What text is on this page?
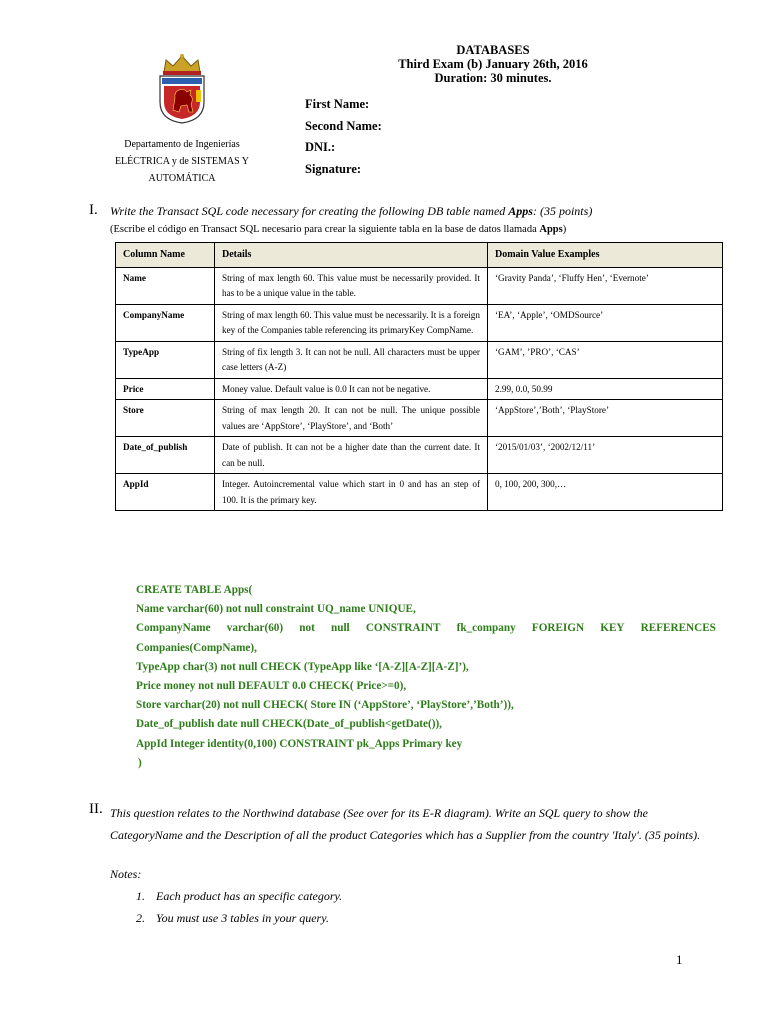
Departamento de Ingenierías
ELÉCTRICA y de SISTEMAS Y
AUTOMÁTICA
DATABASES
Third Exam (b) January 26th, 2016
Duration: 30 minutes.
First Name:
Second Name:
DNI.:
Signature:
I. Write the Transact SQL code necessary for creating the following DB table named Apps: (35 points)
(Escribe el código en Transact SQL necesario para crear la siguiente tabla en la base de datos llamada Apps)
Column Name	Details	Domain Value Examples
Name	String of max length 60. This value must be necessarily provided. It has to be a unique value in the table.	‘Gravity Panda’, ‘Fluffy Hen’, ‘Evernote’
CompanyName	String of max length 60. This value must be necessarily. It is a foreign key of the Companies table referencing its primaryKey CompName.	‘EA’, ‘Apple’, ‘OMDSource’
TypeApp	String of fix length 3. It can not be null. All characters must be upper case letters (A-Z)	‘GAM’, ’PRO’, ‘CAS’
Price	Money value. Default value is 0.0 It can not be negative.	2.99, 0.0, 50.99
Store	String of max length 20. It can not be null. The unique possible values are ‘AppStore’, ‘PlayStore’, and ‘Both’	‘AppStore’,’Both’, ‘PlayStore’
Date_of_publish	Date of publish. It can not be a higher date than the current date. It can be null.	‘2015/01/03’, ‘2002/12/11’
AppId	Integer. Autoincremental value which start in 0 and has an step of 100. It is the primary key.	0, 100, 200, 300,…
CREATE TABLE Apps(
Name varchar(60) not null constraint UQ_name UNIQUE,
CompanyName varchar(60) not null CONSTRAINT fk_company FOREIGN KEY REFERENCES
Companies(CompName),
TypeApp char(3) not null CHECK (TypeApp like ‘[A-Z][A-Z][A-Z]’),
Price money not null DEFAULT 0.0 CHECK( Price>=0),
Store varchar(20) not null CHECK( Store IN (‘AppStore’, ‘PlayStore’,’Both’)),
Date_of_publish date null CHECK(Date_of_publish<getDate()),
AppId Integer identity(0,100) CONSTRAINT pk_Apps Primary key
)
II. This question relates to the Northwind database (See over for its E-R diagram). Write an SQL query to show the CategoryName and the Description of all the product Categories which has a Supplier from the country 'Italy'. (35 points).
Notes:
1. Each product has an specific category.
2. You must use 3 tables in your query.
1
